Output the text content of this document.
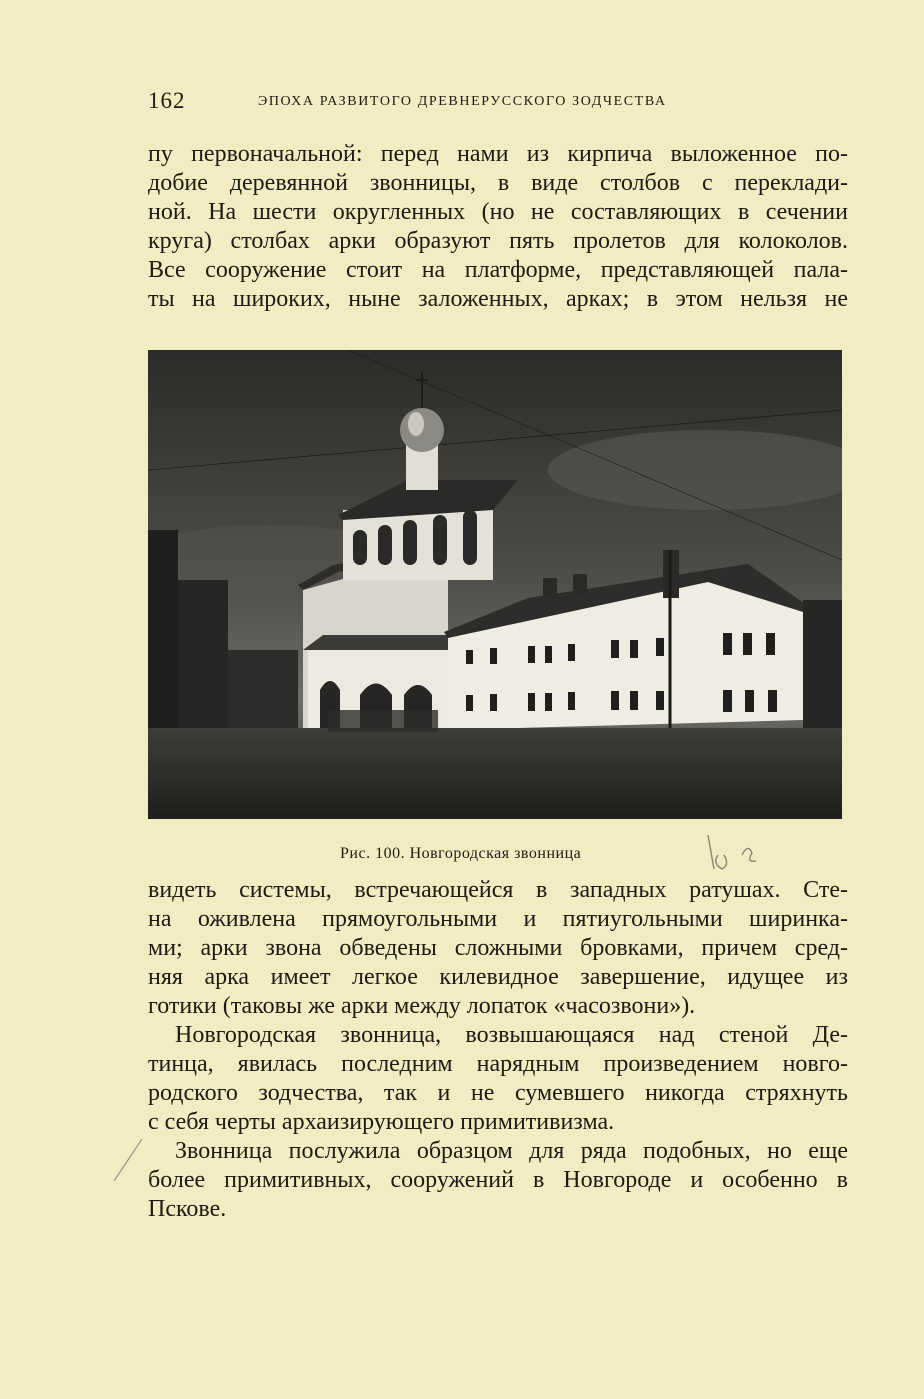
162	ЭПОХА РАЗВИТОГО ДРЕВНЕРУССКОГО ЗОДЧЕСТВА
пу первоначальной: перед нами из кирпича выложенное по-
добие деревянной звонницы, в виде столбов с переклади-
ной. На шести округленных (но не составляющих в сечении
круга) столбах арки образуют пять пролетов для колоколов.
Все сооружение стоит на платформе, представляющей пала-
ты на широких, ныне заложенных, арках; в этом нельзя не
Рис. 100. Новгородская звонница
видеть системы, встречающейся в западных ратушах. Сте-
на оживлена прямоугольными и пятиугольными ширинка-
ми; арки звона обведены сложными бровками, причем сред-
няя арка имеет легкое килевидное завершение, идущее из
готики (таковы же арки между лопаток «часозвони»).
Новгородская звонница, возвышающаяся над стеной Де-
тинца, явилась последним нарядным произведением новго-
родского зодчества, так и не сумевшего никогда стряхнуть
с себя черты архаизирующего примитивизма.
Звонница послужила образцом для ряда подобных, но еще
более примитивных, сооружений в Новгороде и особенно в
Пскове.
